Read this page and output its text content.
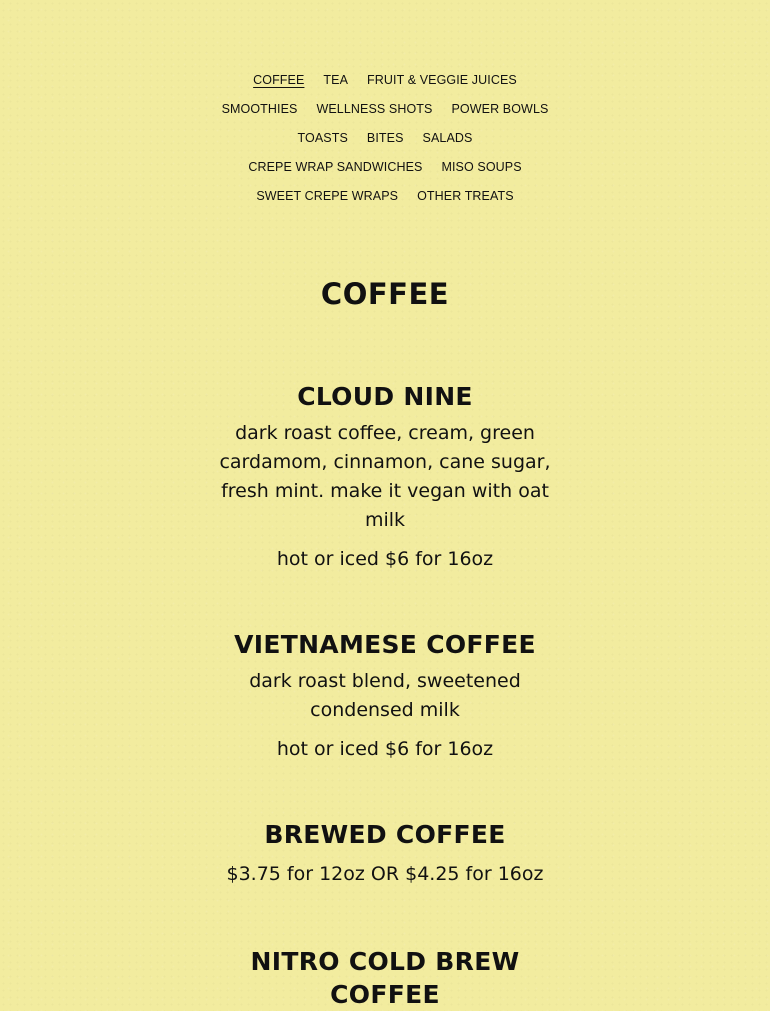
COFFEE TEA FRUIT & VEGGIE JUICES
SMOOTHIES WELLNESS SHOTS POWER BOWLS
TOASTS BITES SALADS
CREPE WRAP SANDWICHES MISO SOUPS
SWEET CREPE WRAPS OTHER TREATS
COFFEE
CLOUD NINE

dark roast coffee, cream, green cardamom, cinnamon, cane sugar, fresh mint. make it vegan with oat milk

hot or iced $6 for 16oz

VIETNAMESE COFFEE

dark roast blend, sweetened condensed milk

hot or iced $6 for 16oz

BREWED COFFEE

$3.75 for 12oz OR $4.25 for 16oz

NITRO COLD BREW COFFEE
